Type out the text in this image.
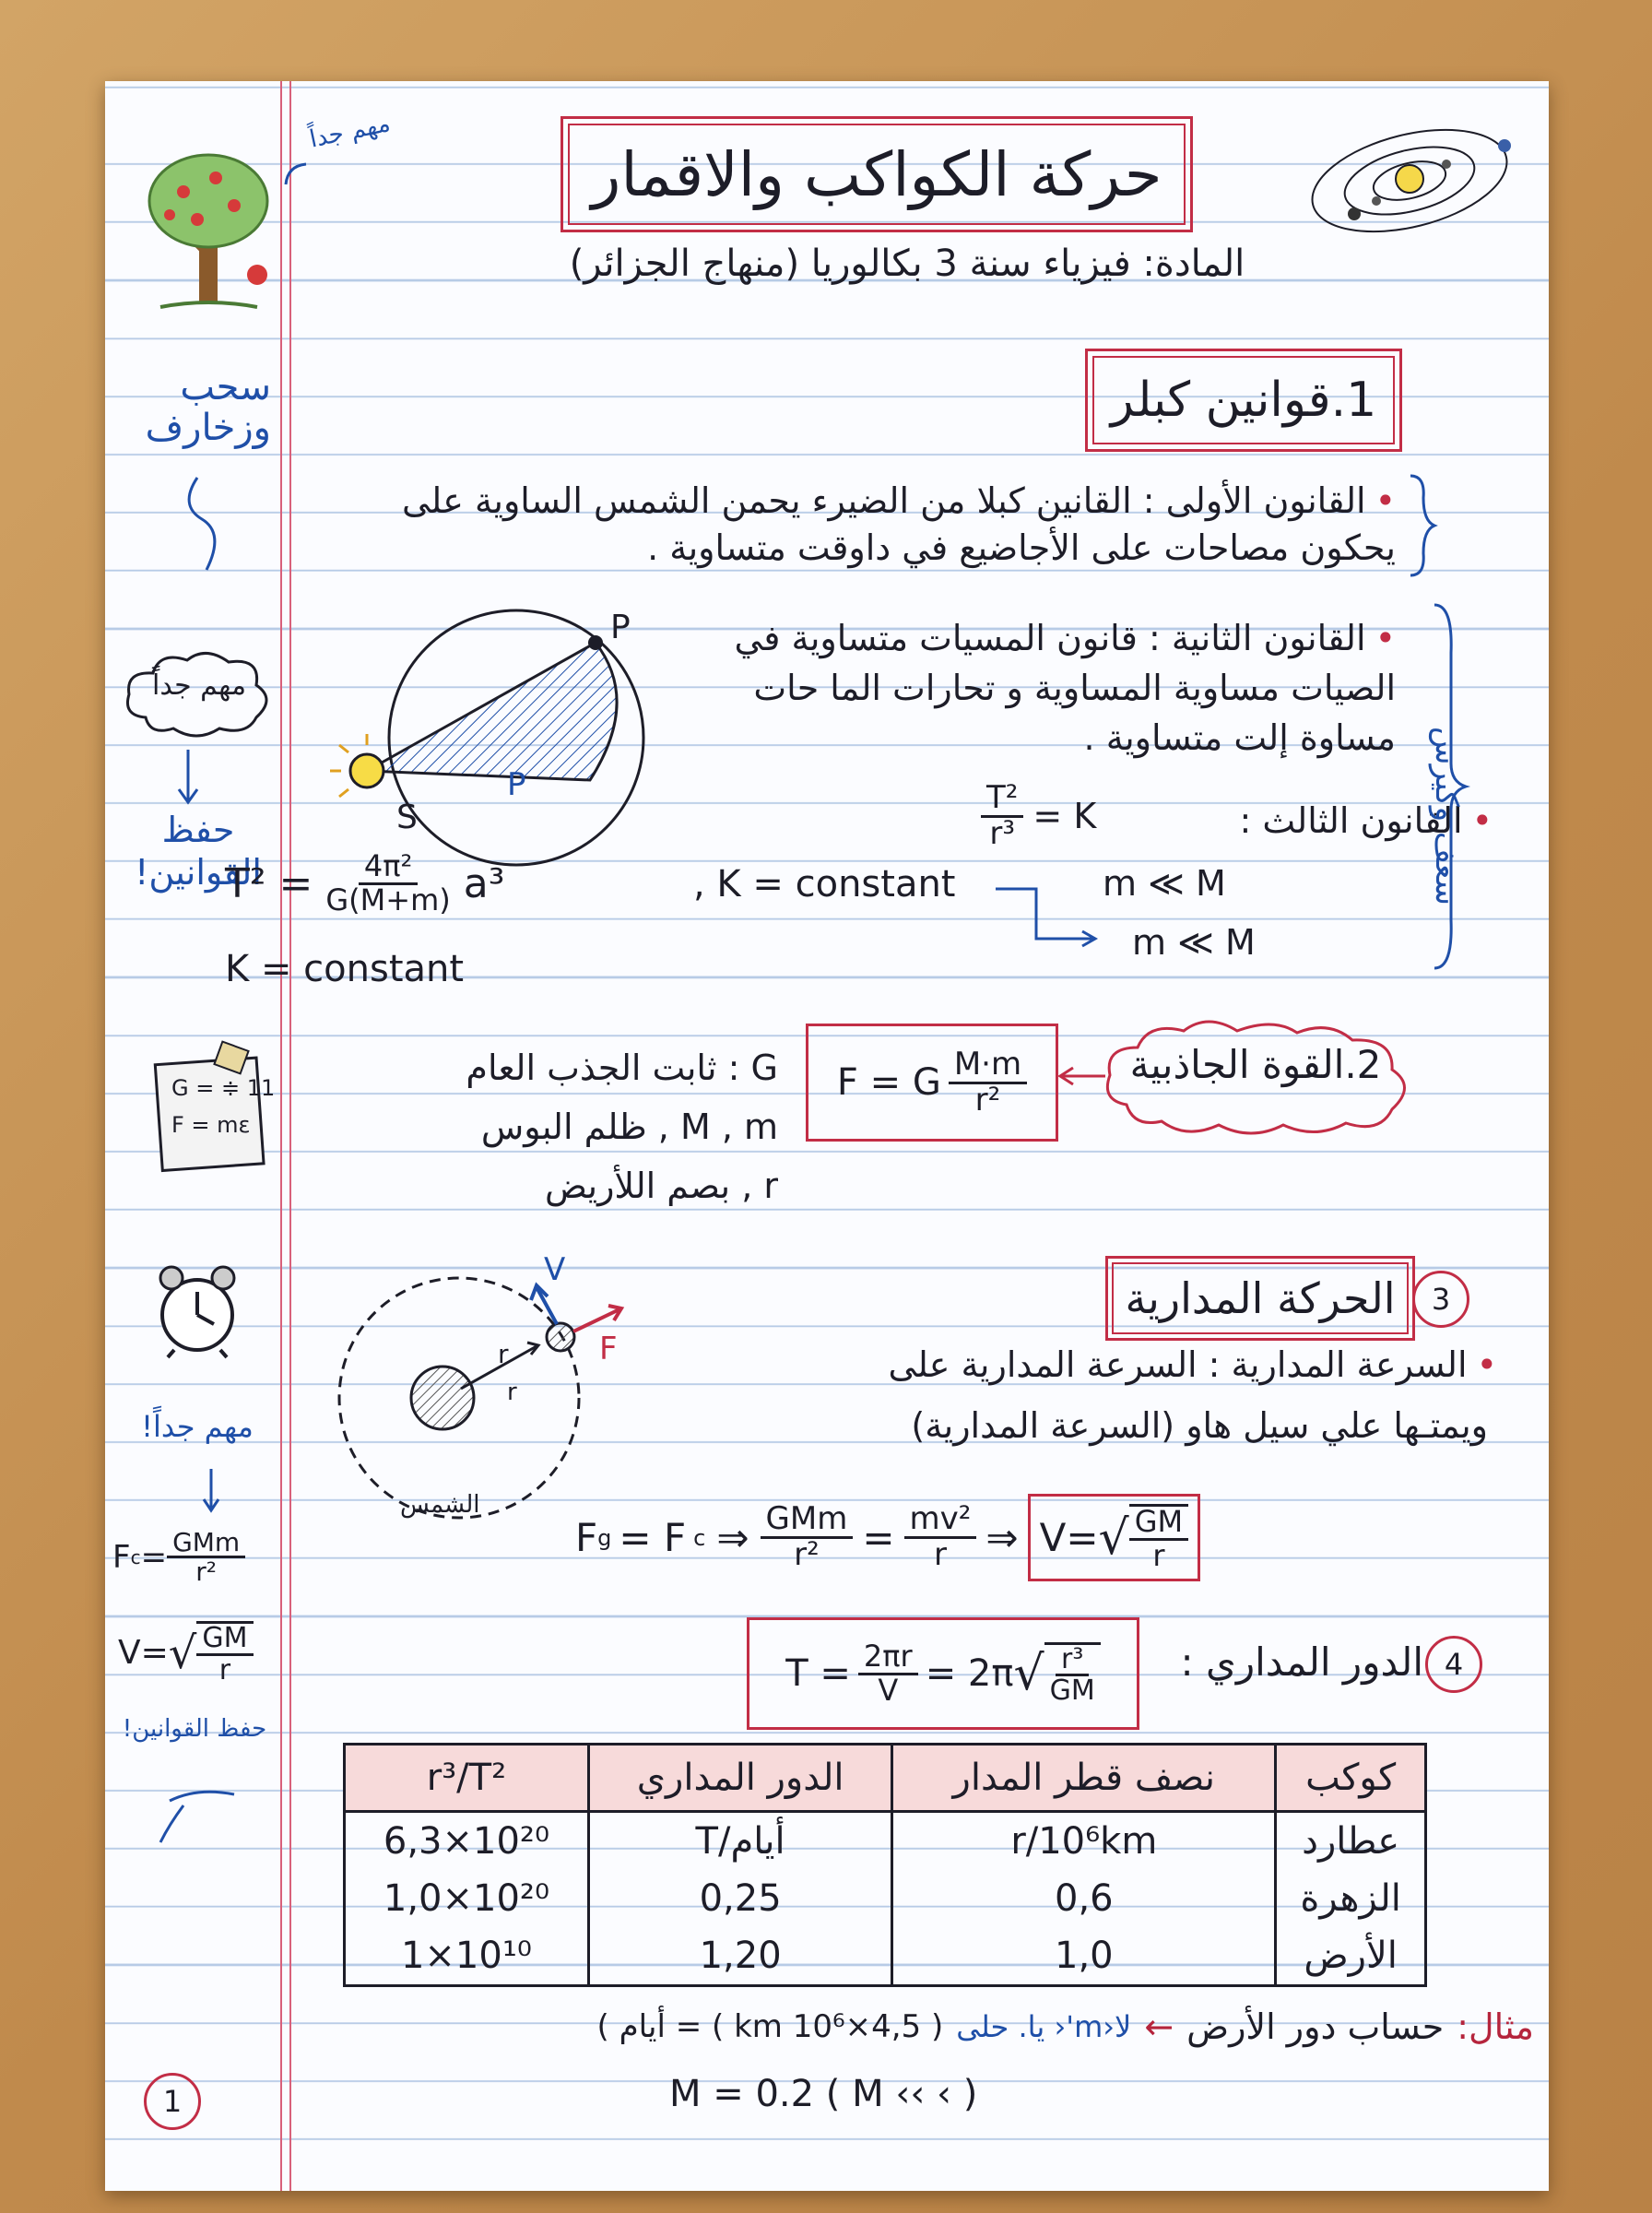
مهم جداً
سحب وزخارف
مهم جداً
حفظ القوانين!
G = ≑ 11
F = mε
مهم جداً!
F $c = \frac{\text{GMm}}{\text{r²}}$
V= √ $\frac{GM}{r}$
حفظ القوانين!
1
حركة الكواكب والاقمار
المادة: فيزياء سنة 3 بكالوريا (منهاج الجزائر)
1.قوانين كبلر
• القانون الأولى : القانين كبلا من الضيرء يحمن الشمس الساوية على يحكون مصاحات على الأجاضيع في داوقت متساوية .
S
P
P
• القانون الثانية : قانون المسيات متساوية في الصيات مساوية المساوية و تحارات الما حات مساوة إلت متساوية .
• القانون الثالث :
$\frac{\text{T²}}{\text{r³}} = K$	سعف وكيرس
$T^2 = \frac{\text{4π²}}{G(M+m)} a^3$	, K = constant
K = constant
m ≪ M
m ≪ M
2.القوة الجاذبية
F = G $\frac{M\cdot m}{\text{r²}}$
G : ثابت الجذب العام
M , m , ظلم البوس
r , بصم اللأريض
3
الحركة المدارية
V
F
r
r
الشمس
• السرعة المدارية : السرعة المدارية على
ويمتـها علي سيل هاو (السرعة المدارية)
F g = F c ⇒ $\frac{\text{GMm}}{\text{r²}} = \frac{\text{mv²}}{r}$ ⇒ V= √ $\frac{GM}{r}$
4
الدور المداري :
$T = \frac{2\pi r}{V} = 2\pi$ √ $\frac{\text{r³}}{GM}$
r³/T²	الدور المداري	نصف قطر المدار	كوكب
6,3×10²⁰	T/أيام	r/10⁶km	عطارد
1,0×10²⁰	0,25	0,6	الزهرة
1×10¹⁰	1,20	1,0	الأرض
مثال:
حساب دور الأرض
←
لا‹m'‹ يا. حلى
( 4,5×10⁶ km ) = أيام )
M = 0.2 ( M ‹‹ ‹ )
